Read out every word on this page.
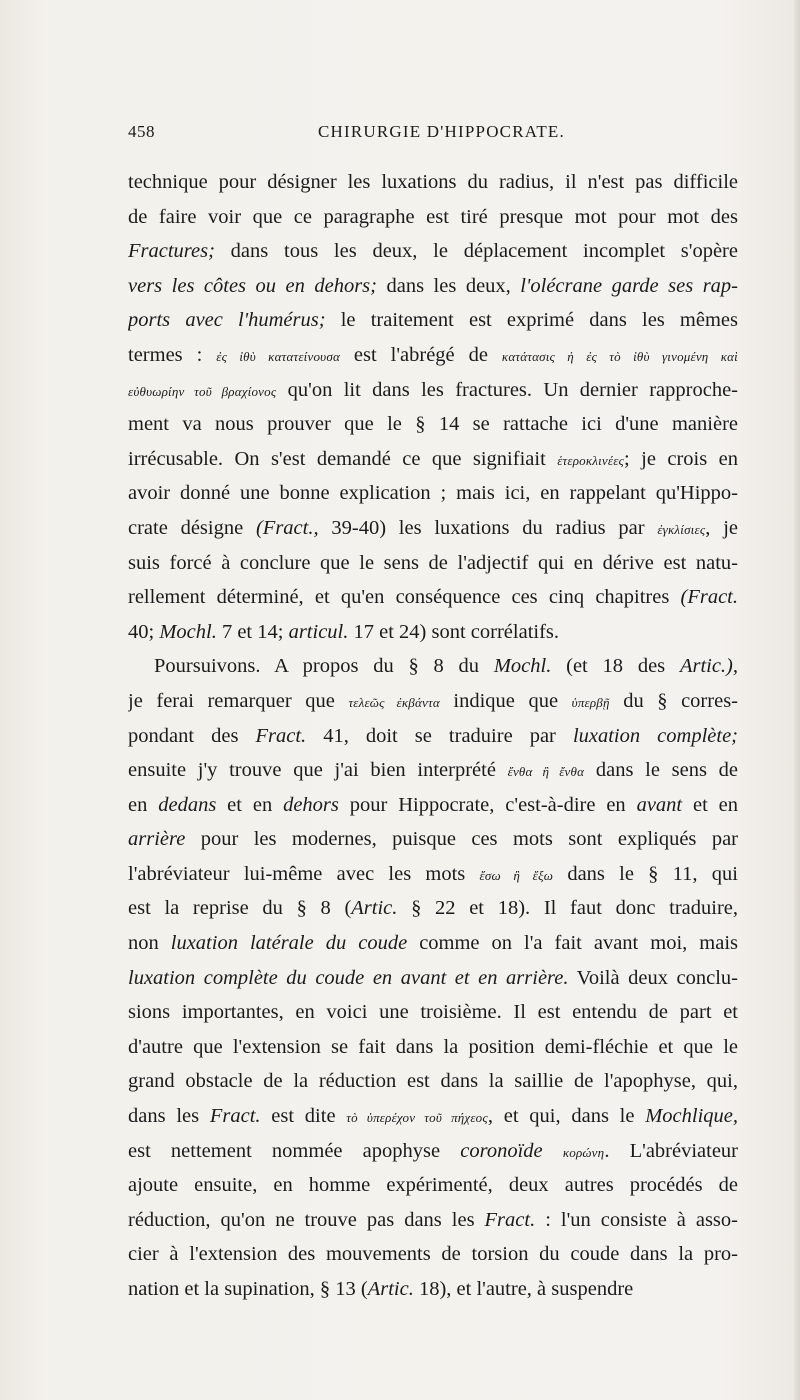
458	CHIRURGIE D'HIPPOCRATE.
technique pour désigner les luxations du radius, il n'est pas difficile
de faire voir que ce paragraphe est tiré presque mot pour mot des
Fractures; dans tous les deux, le déplacement incomplet s'opère
vers les côtes ou en dehors; dans les deux, l'olécrane garde ses rap-
ports avec l'humérus; le traitement est exprimé dans les mêmes
termes : ἐς ἰθὺ κατατείνουσα est l'abrégé de κατάτασις ἡ ἐς τὸ ἰθὺ γινομένη καὶ
εὐθυωρίην τοῦ βραχίονος qu'on lit dans les fractures. Un dernier rapproche-
ment va nous prouver que le § 14 se rattache ici d'une manière
irrécusable. On s'est demandé ce que signifiait ἑτεροκλινέες; je crois en
avoir donné une bonne explication ; mais ici, en rappelant qu'Hippo-
crate désigne (Fract., 39-40) les luxations du radius par ἐγκλίσιες, je
suis forcé à conclure que le sens de l'adjectif qui en dérive est natu-
rellement déterminé, et qu'en conséquence ces cinq chapitres (Fract.
40; Mochl. 7 et 14; articul. 17 et 24) sont corrélatifs.
Poursuivons. A propos du § 8 du Mochl. (et 18 des Artic.),
je ferai remarquer que τελεῶς ἐκβάντα indique que ὑπερβῇ du § corres-
pondant des Fract. 41, doit se traduire par luxation complète;
ensuite j'y trouve que j'ai bien interprété ἔνθα ἢ ἔνθα dans le sens de
en dedans et en dehors pour Hippocrate, c'est-à-dire en avant et en
arrière pour les modernes, puisque ces mots sont expliqués par
l'abréviateur lui-même avec les mots ἔσω ἢ ἔξω dans le § 11, qui
est la reprise du § 8 (Artic. § 22 et 18). Il faut donc traduire,
non luxation latérale du coude comme on l'a fait avant moi, mais
luxation complète du coude en avant et en arrière. Voilà deux conclu-
sions importantes, en voici une troisième. Il est entendu de part et
d'autre que l'extension se fait dans la position demi-fléchie et que le
grand obstacle de la réduction est dans la saillie de l'apophyse, qui,
dans les Fract. est dite τὸ ὑπερέχον τοῦ πήχεος, et qui, dans le Mochlique,
est nettement nommée apophyse coronoïde κορώνη. L'abréviateur
ajoute ensuite, en homme expérimenté, deux autres procédés de
réduction, qu'on ne trouve pas dans les Fract. : l'un consiste à asso-
cier à l'extension des mouvements de torsion du coude dans la pro-
nation et la supination, § 13 (Artic. 18), et l'autre, à suspendre
